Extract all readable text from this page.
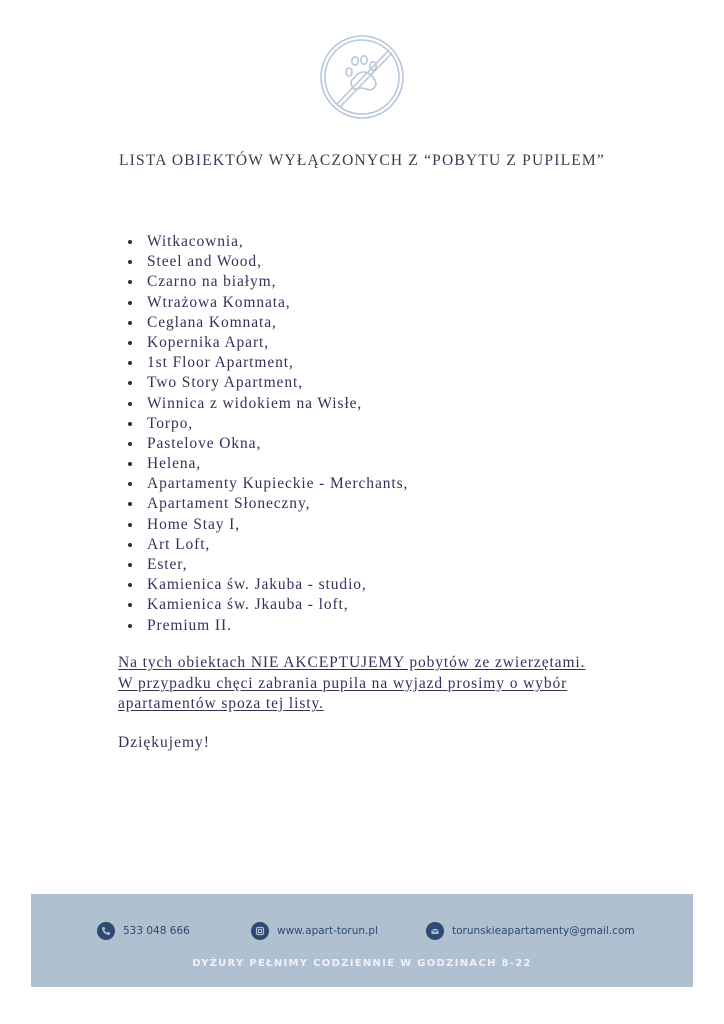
LISTA OBIEKTÓW WYŁĄCZONYCH Z “POBYTU Z PUPILEM”
Witkacownia,
Steel and Wood,
Czarno na białym,
Wtrażowa Komnata,
Ceglana Komnata,
Kopernika Apart,
1st Floor Apartment,
Two Story Apartment,
Winnica z widokiem na Wisłe,
Torpo,
Pastelove Okna,
Helena,
Apartamenty Kupieckie - Merchants,
Apartament Słoneczny,
Home Stay I,
Art Loft,
Ester,
Kamienica św. Jakuba - studio,
Kamienica św. Jkauba - loft,
Premium II.
Na tych obiektach NIE AKCEPTUJEMY pobytów ze zwierzętami.
W przypadku chęci zabrania pupila na wyjazd prosimy o wybór
apartamentów spoza tej listy.
Dziękujemy!
533 048 666	www.apart-torun.pl	torunskieapartamenty@gmail.com
DYŻURY PEŁNIMY CODZIENNIE W GODZINACH 8-22
